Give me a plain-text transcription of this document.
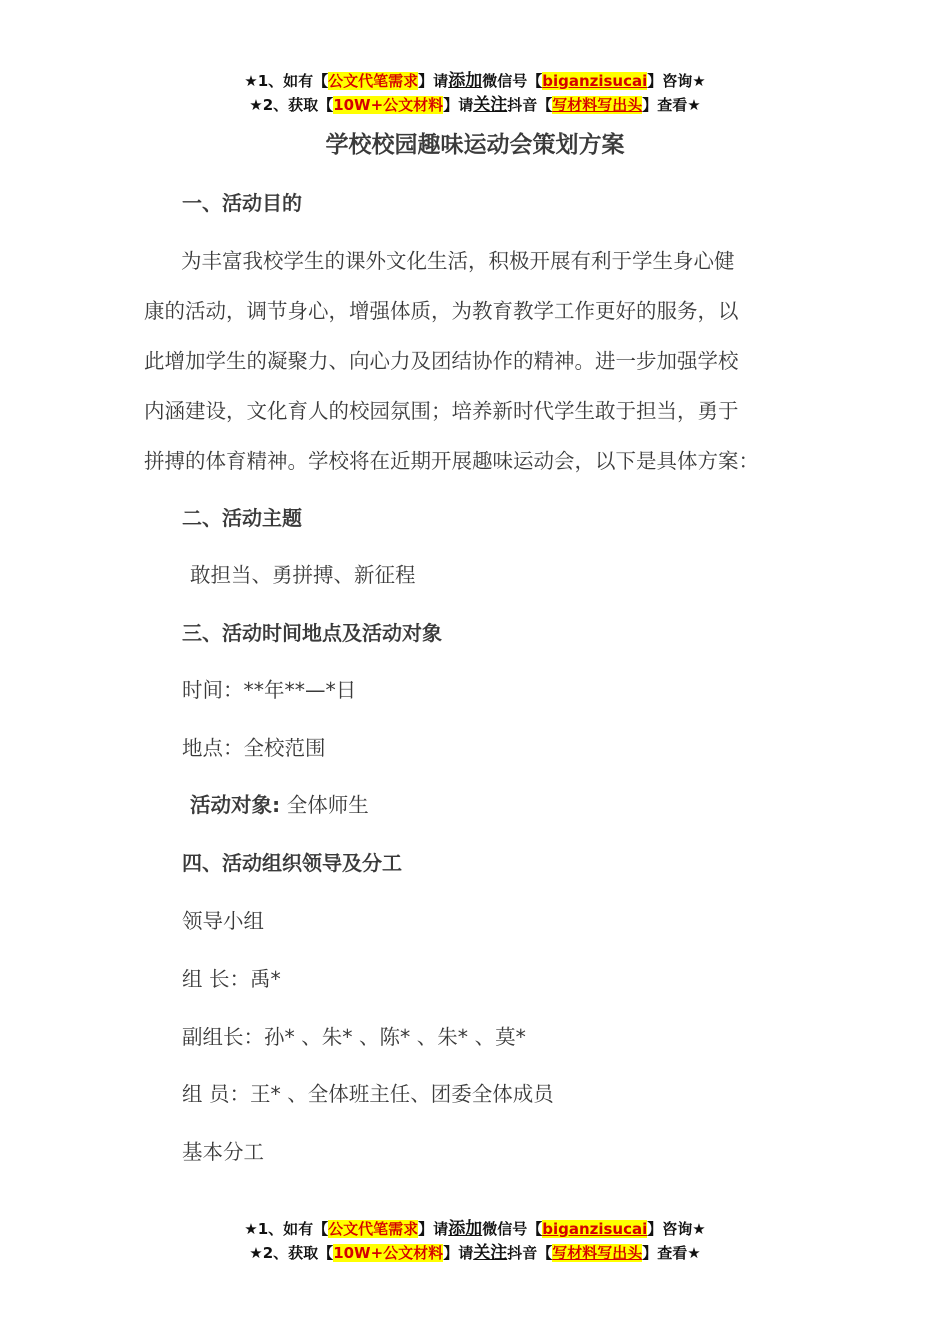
★1、如有【公文代笔需求】请添加微信号【biganzisucai】咨询★
★2、获取【10W+公文材料】请关注抖音【写材料写出头】查看★
学校校园趣味运动会策划方案
一、活动目的
为丰富我校学生的课外文化生活，积极开展有利于学生身心健
康的活动，调节身心，增强体质，为教育教学工作更好的服务，以
此增加学生的凝聚力、向心力及团结协作的精神。进一步加强学校
内涵建设，文化育人的校园氛围；培养新时代学生敢于担当，勇于
拼搏的体育精神。学校将在近期开展趣味运动会，以下是具体方案：
二、活动主题
敢担当、勇拼搏、新征程
三、活动时间地点及活动对象
时间：**年**—*日
地点：全校范围
活动对象: 全体师生
四、活动组织领导及分工
领导小组
组 长：禹*
副组长：孙* 、朱* 、陈* 、朱* 、莫*
组 员：王* 、全体班主任、团委全体成员
基本分工
★1、如有【公文代笔需求】请添加微信号【biganzisucai】咨询★
★2、获取【10W+公文材料】请关注抖音【写材料写出头】查看★
